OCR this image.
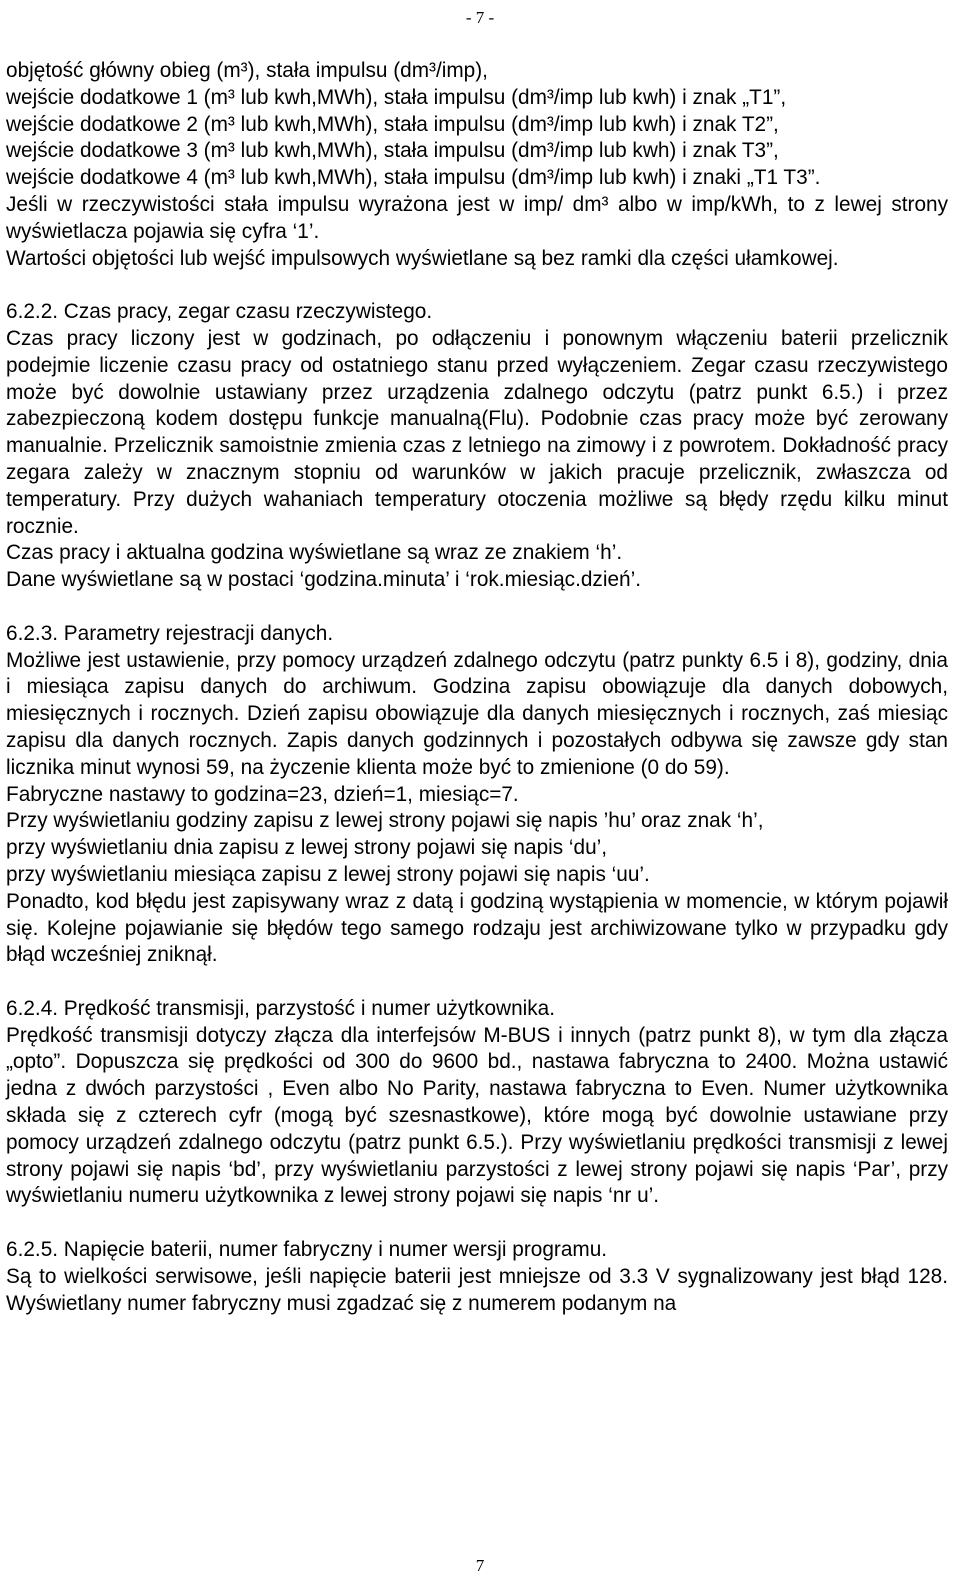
- 7 -

objętość główny obieg (m³), stała impulsu (dm³/imp),

wejście dodatkowe 1 (m³ lub kwh,MWh), stała impulsu (dm³/imp lub kwh) i znak „T1”,

wejście dodatkowe 2 (m³ lub kwh,MWh), stała impulsu (dm³/imp lub kwh) i znak T2”,

wejście dodatkowe 3 (m³ lub kwh,MWh), stała impulsu (dm³/imp lub kwh) i znak T3”,

wejście dodatkowe 4 (m³ lub kwh,MWh), stała impulsu (dm³/imp lub kwh) i znaki „T1 T3”.

Jeśli w rzeczywistości stała impulsu wyrażona jest w imp/ dm³ albo w imp/kWh, to z lewej strony wyświetlacza pojawia się cyfra ‘1’.

Wartości objętości lub wejść impulsowych wyświetlane są bez ramki dla części ułamkowej.

6.2.2. Czas pracy, zegar czasu rzeczywistego.

Czas pracy liczony jest w godzinach, po odłączeniu i ponownym włączeniu baterii przelicznik podejmie liczenie czasu pracy od ostatniego stanu przed wyłączeniem. Zegar czasu rzeczywistego może być dowolnie ustawiany przez urządzenia zdalnego odczytu (patrz punkt 6.5.) i przez zabezpieczoną kodem dostępu funkcje manualną(Flu). Podobnie czas pracy może być zerowany manualnie. Przelicznik samoistnie zmienia czas z letniego na zimowy i z powrotem. Dokładność pracy zegara zależy w znacznym stopniu od warunków w jakich pracuje przelicznik, zwłaszcza od temperatury. Przy dużych wahaniach temperatury otoczenia możliwe są błędy rzędu kilku minut rocznie.

Czas pracy i aktualna godzina wyświetlane są wraz ze znakiem ‘h’.

Dane wyświetlane są w postaci ‘godzina.minuta’ i ‘rok.miesiąc.dzień’.

6.2.3. Parametry rejestracji danych.

Możliwe jest ustawienie, przy pomocy urządzeń zdalnego odczytu (patrz punkty 6.5 i 8), godziny, dnia i miesiąca zapisu danych do archiwum. Godzina zapisu obowiązuje dla danych dobowych, miesięcznych i rocznych. Dzień zapisu obowiązuje dla danych miesięcznych i rocznych, zaś miesiąc zapisu dla danych rocznych. Zapis danych godzinnych i pozostałych odbywa się zawsze gdy stan licznika minut wynosi 59, na życzenie klienta może być to zmienione (0 do 59).

Fabryczne nastawy to godzina=23, dzień=1, miesiąc=7.

Przy wyświetlaniu godziny zapisu z lewej strony pojawi się napis ’hu’ oraz znak ‘h’,

przy wyświetlaniu dnia zapisu z lewej strony pojawi się napis ‘du’,

przy wyświetlaniu miesiąca zapisu z lewej strony pojawi się napis ‘uu’.

Ponadto, kod błędu jest zapisywany wraz z datą i godziną wystąpienia w momencie, w którym pojawił się. Kolejne pojawianie się błędów tego samego rodzaju jest archiwizowane tylko w przypadku gdy błąd wcześniej zniknął.

6.2.4. Prędkość transmisji, parzystość i numer użytkownika.

Prędkość transmisji dotyczy złącza dla interfejsów M-BUS i innych (patrz punkt 8), w tym dla złącza „opto”. Dopuszcza się prędkości od 300 do 9600 bd., nastawa fabryczna to 2400. Można ustawić jedna z dwóch parzystości , Even albo No Parity, nastawa fabryczna to Even. Numer użytkownika składa się z czterech cyfr (mogą być szesnastkowe), które mogą być dowolnie ustawiane przy pomocy urządzeń zdalnego odczytu (patrz punkt 6.5.). Przy wyświetlaniu prędkości transmisji z lewej strony pojawi się napis ‘bd’, przy wyświetlaniu parzystości z lewej strony pojawi się napis ‘Par’, przy wyświetlaniu numeru użytkownika z lewej strony pojawi się napis ‘nr u’.

6.2.5. Napięcie baterii, numer fabryczny i numer wersji programu.

Są to wielkości serwisowe, jeśli napięcie baterii jest mniejsze od 3.3 V sygnalizowany jest błąd 128. Wyświetlany numer fabryczny musi zgadzać się z numerem podanym na

7
